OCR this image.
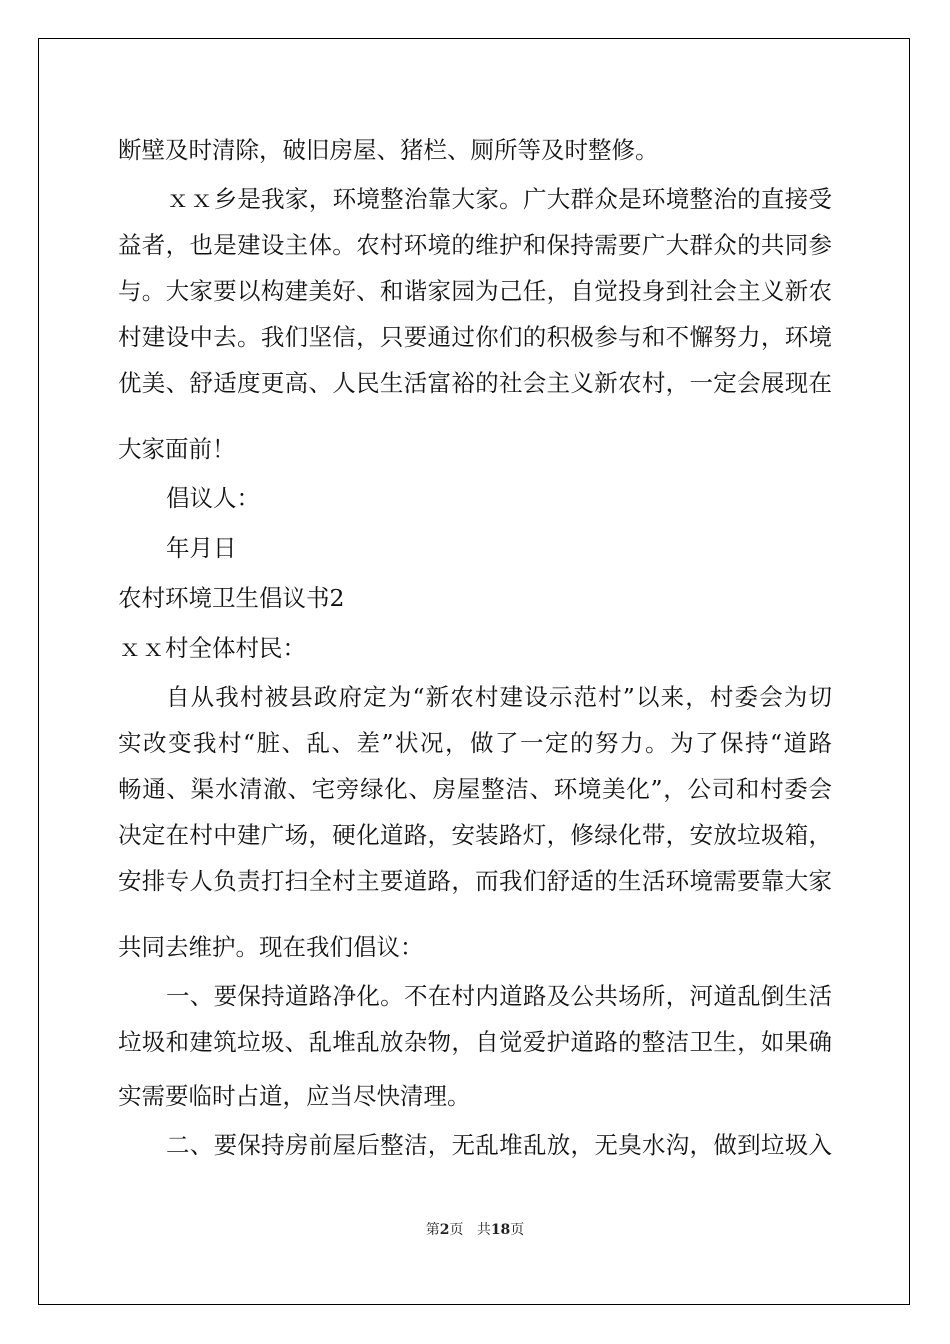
断壁及时清除，破旧房屋、猪栏、厕所等及时整修。

ｘｘ乡是我家，环境整治靠大家。广大群众是环境整治的直接受

益者，也是建设主体。农村环境的维护和保持需要广大群众的共同参

与。大家要以构建美好、和谐家园为己任，自觉投身到社会主义新农

村建设中去。我们坚信，只要通过你们的积极参与和不懈努力，环境

优美、舒适度更高、人民生活富裕的社会主义新农村，一定会展现在

大家面前！

倡议人：

年月日

农村环境卫生倡议书2

ｘｘ村全体村民：

自从我村被县政府定为“新农村建设示范村”以来，村委会为切

实改变我村“脏、乱、差”状况，做了一定的努力。为了保持“道路

畅通、渠水清澈、宅旁绿化、房屋整洁、环境美化”，公司和村委会

决定在村中建广场，硬化道路，安装路灯，修绿化带，安放垃圾箱，

安排专人负责打扫全村主要道路，而我们舒适的生活环境需要靠大家

共同去维护。现在我们倡议：

一、要保持道路净化。不在村内道路及公共场所，河道乱倒生活

垃圾和建筑垃圾、乱堆乱放杂物，自觉爱护道路的整洁卫生，如果确

实需要临时占道，应当尽快清理。

二、要保持房前屋后整洁，无乱堆乱放，无臭水沟，做到垃圾入

第2页 共18页
